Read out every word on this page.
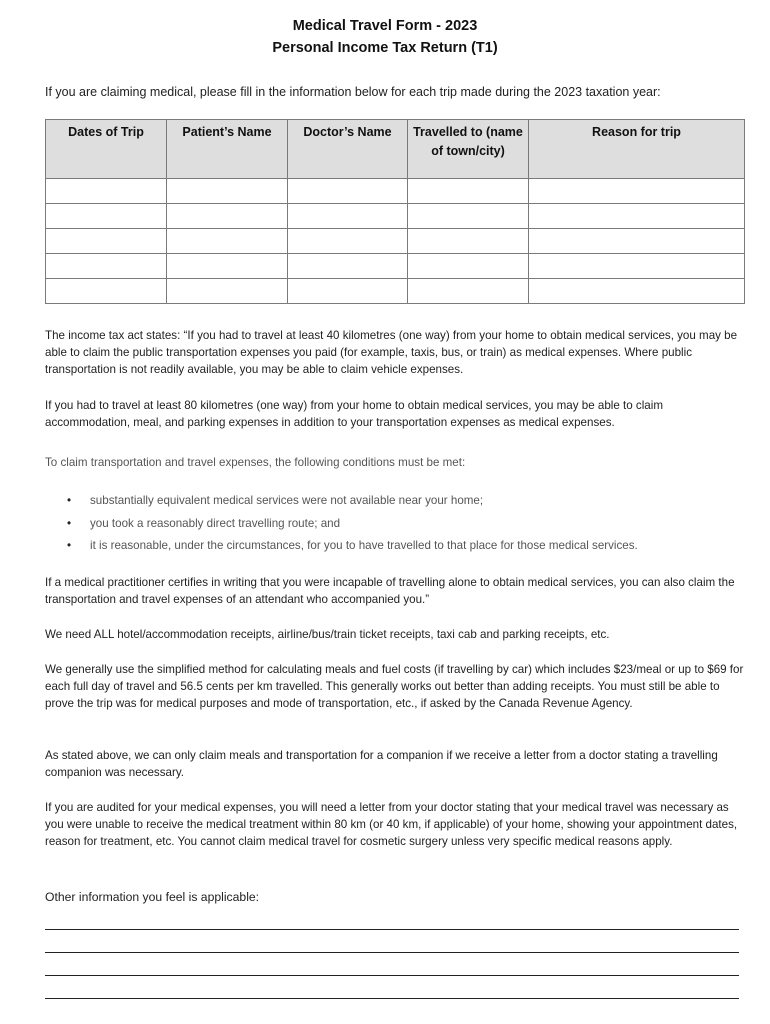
Medical Travel Form - 2023
Personal Income Tax Return (T1)
If you are claiming medical, please fill in the information below for each trip made during the 2023 taxation year:
Dates of Trip	Patient’s Name	Doctor’s Name	Travelled to (name of town/city)	Reason for trip

The income tax act states: “If you had to travel at least 40 kilometres (one way) from your home to obtain medical services, you may be able to claim the public transportation expenses you paid (for example, taxis, bus, or train) as medical expenses. Where public transportation is not readily available, you may be able to claim vehicle expenses.
If you had to travel at least 80 kilometres (one way) from your home to obtain medical services, you may be able to claim accommodation, meal, and parking expenses in addition to your transportation expenses as medical expenses.
To claim transportation and travel expenses, the following conditions must be met:
• substantially equivalent medical services were not available near your home;
• you took a reasonably direct travelling route; and
• it is reasonable, under the circumstances, for you to have travelled to that place for those medical services.
If a medical practitioner certifies in writing that you were incapable of travelling alone to obtain medical services, you can also claim the transportation and travel expenses of an attendant who accompanied you.”
We need ALL hotel/accommodation receipts, airline/bus/train ticket receipts, taxi cab and parking receipts, etc.
We generally use the simplified method for calculating meals and fuel costs (if travelling by car) which includes $23/meal or up to $69 for each full day of travel and 56.5 cents per km travelled. This generally works out better than adding receipts. You must still be able to prove the trip was for medical purposes and mode of transportation, etc., if asked by the Canada Revenue Agency.
As stated above, we can only claim meals and transportation for a companion if we receive a letter from a doctor stating a travelling companion was necessary.
If you are audited for your medical expenses, you will need a letter from your doctor stating that your medical travel was necessary as you were unable to receive the medical treatment within 80 km (or 40 km, if applicable) of your home, showing your appointment dates, reason for treatment, etc. You cannot claim medical travel for cosmetic surgery unless very specific medical reasons apply.
Other information you feel is applicable:
